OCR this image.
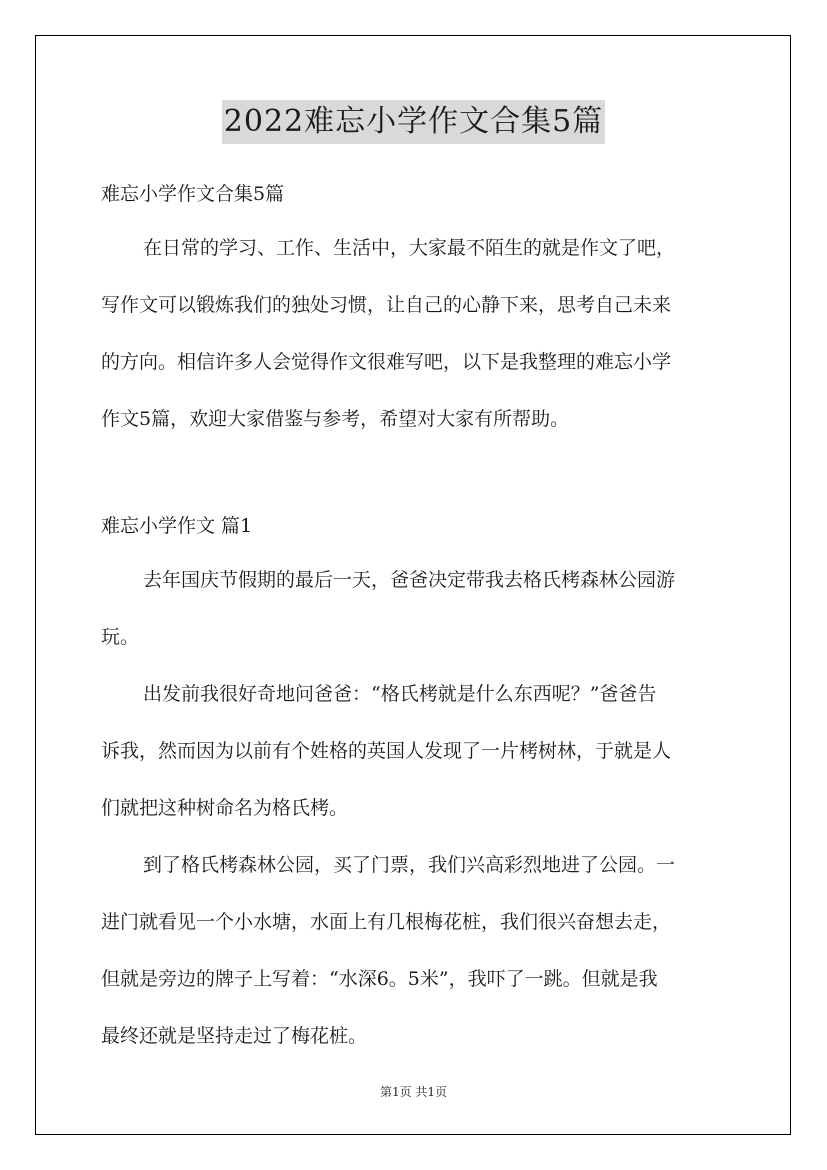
2022难忘小学作文合集5篇
难忘小学作文合集5篇
在日常的学习、工作、生活中，大家最不陌生的就是作文了吧，
写作文可以锻炼我们的独处习惯，让自己的心静下来，思考自己未来
的方向。相信许多人会觉得作文很难写吧，以下是我整理的难忘小学
作文5篇，欢迎大家借鉴与参考，希望对大家有所帮助。
难忘小学作文 篇1
去年国庆节假期的最后一天，爸爸决定带我去格氏栲森林公园游
玩。
出发前我很好奇地问爸爸：“格氏栲就是什么东西呢？”爸爸告
诉我，然而因为以前有个姓格的英国人发现了一片栲树林，于就是人
们就把这种树命名为格氏栲。
到了格氏栲森林公园，买了门票，我们兴高彩烈地进了公园。一
进门就看见一个小水塘，水面上有几根梅花桩，我们很兴奋想去走，
但就是旁边的牌子上写着：“水深6。5米”，我吓了一跳。但就是我
最终还就是坚持走过了梅花桩。
第1页 共1页
